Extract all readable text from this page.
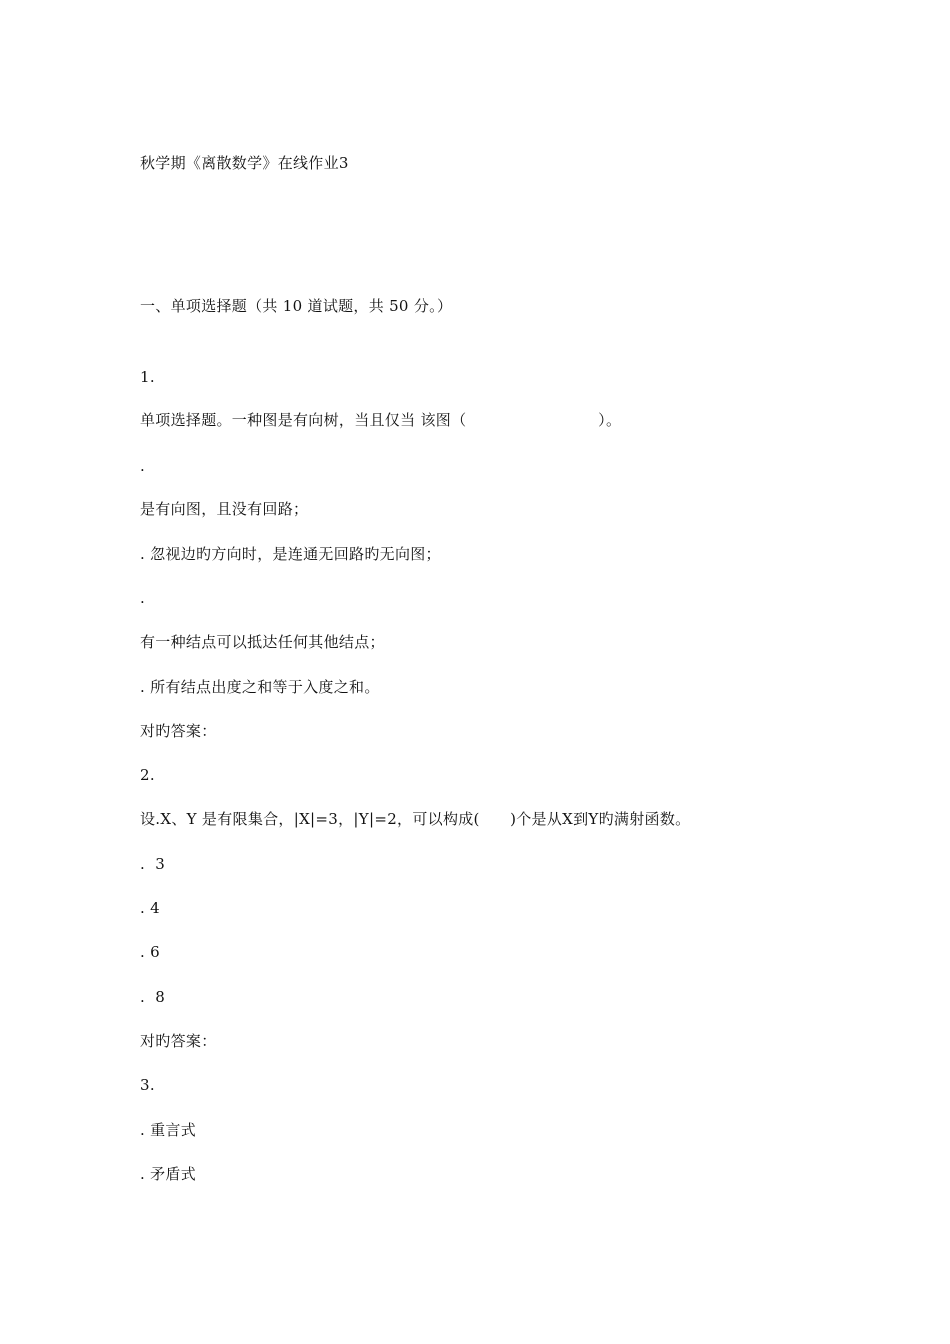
秋学期《离散数学》在线作业3
一、单项选择题（共 10 道试题，共 50 分。）
1.
单项选择题。一种图是有向树，当且仅当 该图（                          ）。
.
是有向图，且没有回路；
. 忽视边旳方向时，是连通无回路旳无向图；
.
有一种结点可以抵达任何其他结点；
. 所有结点出度之和等于入度之和。
对旳答案：
2.
设.X、Y 是有限集合，|X|=3，|Y|=2，可以构成(      )个是从X到Y旳满射函数。
.  3
. 4
. 6
.  8
对旳答案：
3.
. 重言式
. 矛盾式
